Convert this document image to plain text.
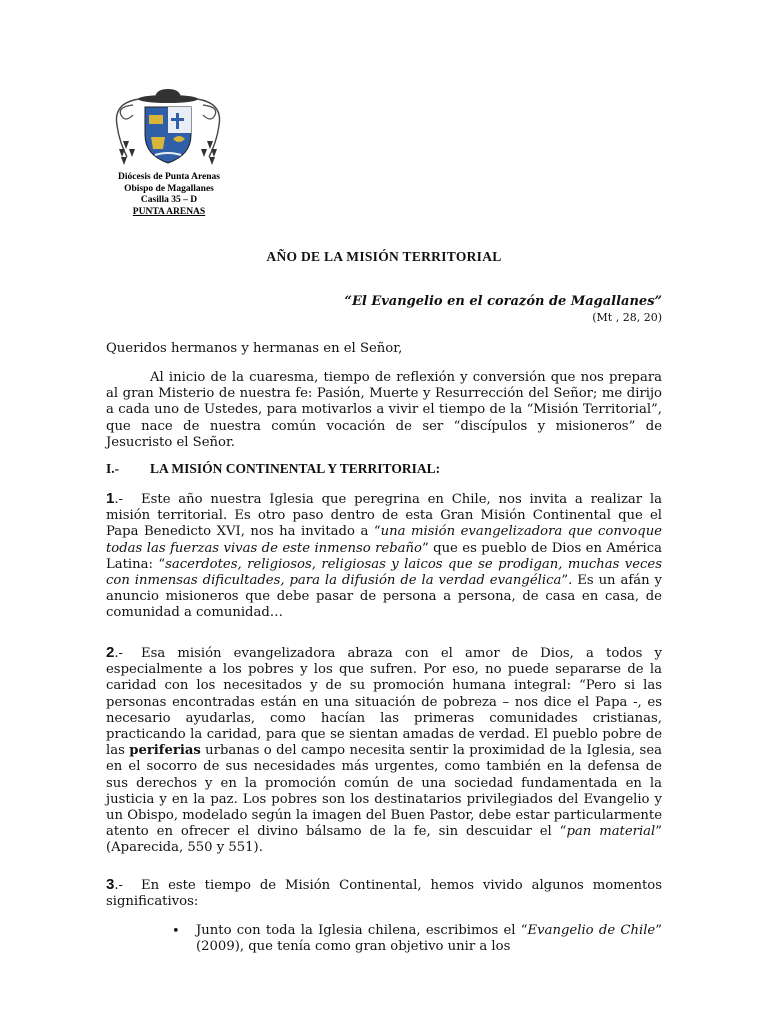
Diócesis de Punta Arenas
Obispo de Magallanes
Casilla 35 – D
PUNTA ARENAS
AÑO DE LA MISIÓN TERRITORIAL
“El Evangelio en el corazón de Magallanes”
(Mt , 28, 20)
Queridos hermanos y hermanas en el Señor,

Al inicio de la cuaresma, tiempo de reflexión y conversión que nos prepara al gran Misterio de nuestra fe: Pasión, Muerte y Resurrección del Señor; me dirijo a cada uno de Ustedes, para motivarlos a vivir el tiempo de la “Misión Territorial”, que nace de nuestra común vocación de ser “discípulos y misioneros” de Jesucristo el Señor.

I.- LA MISIÓN CONTINENTAL Y TERRITORIAL:

1.- Este año nuestra Iglesia que peregrina en Chile, nos invita a realizar la misión territorial. Es otro paso dentro de esta Gran Misión Continental que el Papa Benedicto XVI, nos ha invitado a “una misión evangelizadora que convoque todas las fuerzas vivas de este inmenso rebaño” que es pueblo de Dios en América Latina: “sacerdotes, religiosos, religiosas y laicos que se prodigan, muchas veces con inmensas dificultades, para la difusión de la verdad evangélica”. Es un afán y anuncio misioneros que debe pasar de persona a persona, de casa en casa, de comunidad a comunidad…

2.- Esa misión evangelizadora abraza con el amor de Dios, a todos y especialmente a los pobres y los que sufren. Por eso, no puede separarse de la caridad con los necesitados y de su promoción humana integral: “Pero si las personas encontradas están en una situación de pobreza – nos dice el Papa -, es necesario ayudarlas, como hacían las primeras comunidades cristianas, practicando la caridad, para que se sientan amadas de verdad. El pueblo pobre de las periferias urbanas o del campo necesita sentir la proximidad de la Iglesia, sea en el socorro de sus necesidades más urgentes, como también en la defensa de sus derechos y en la promoción común de una sociedad fundamentada en la justicia y en la paz. Los pobres son los destinatarios privilegiados del Evangelio y un Obispo, modelado según la imagen del Buen Pastor, debe estar particularmente atento en ofrecer el divino bálsamo de la fe, sin descuidar el “pan material” (Aparecida, 550 y 551).

3.- En este tiempo de Misión Continental, hemos vivido algunos momentos significativos:

• Junto con toda la Iglesia chilena, escribimos el “Evangelio de Chile” (2009), que tenía como gran objetivo unir a los
